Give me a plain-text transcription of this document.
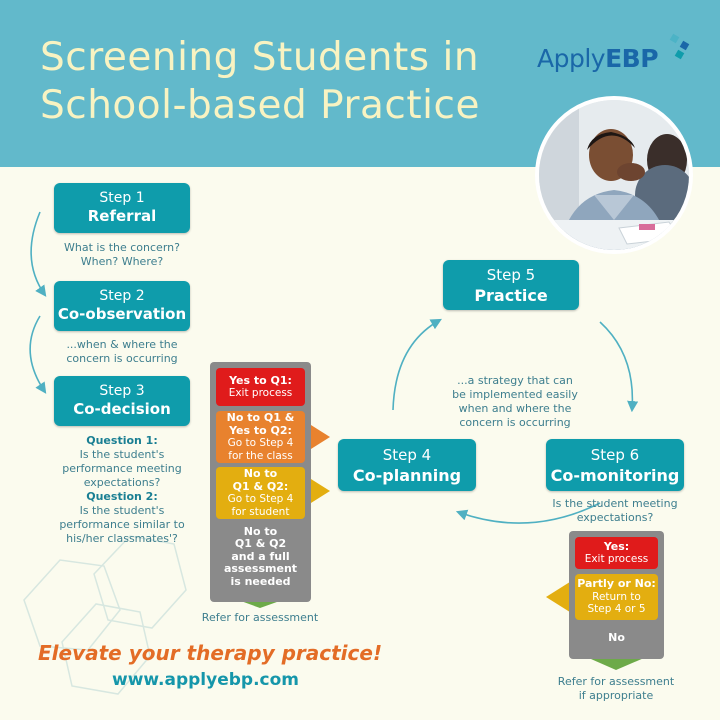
Screening Students in
School-based Practice
ApplyEBP
Step 1
Referral
What is the concern?
When? Where?
Step 2
Co-observation
...when & where the
concern is occurring
Step 3
Co-decision
Question 1:
Is the student's
performance meeting
expectations?
Question 2:
Is the student's
performance similar to
his/her classmates'?
Yes to Q1:
Exit process
No to Q1 &
Yes to Q2:
Go to Step 4
for the class
No to
Q1 & Q2:
Go to Step 4
for student
No to
Q1 & Q2
and a full
assessment
is needed
Refer for assessment
Step 5
Practice
...a strategy that can
be implemented easily
when and where the
concern is occurring
Step 4
Co-planning
Step 6
Co-monitoring
Is the student meeting
expectations?
Yes:
Exit process
Partly or No:
Return to
Step 4 or 5
No
Refer for assessment
if appropriate
Elevate your therapy practice!
www.applyebp.com
